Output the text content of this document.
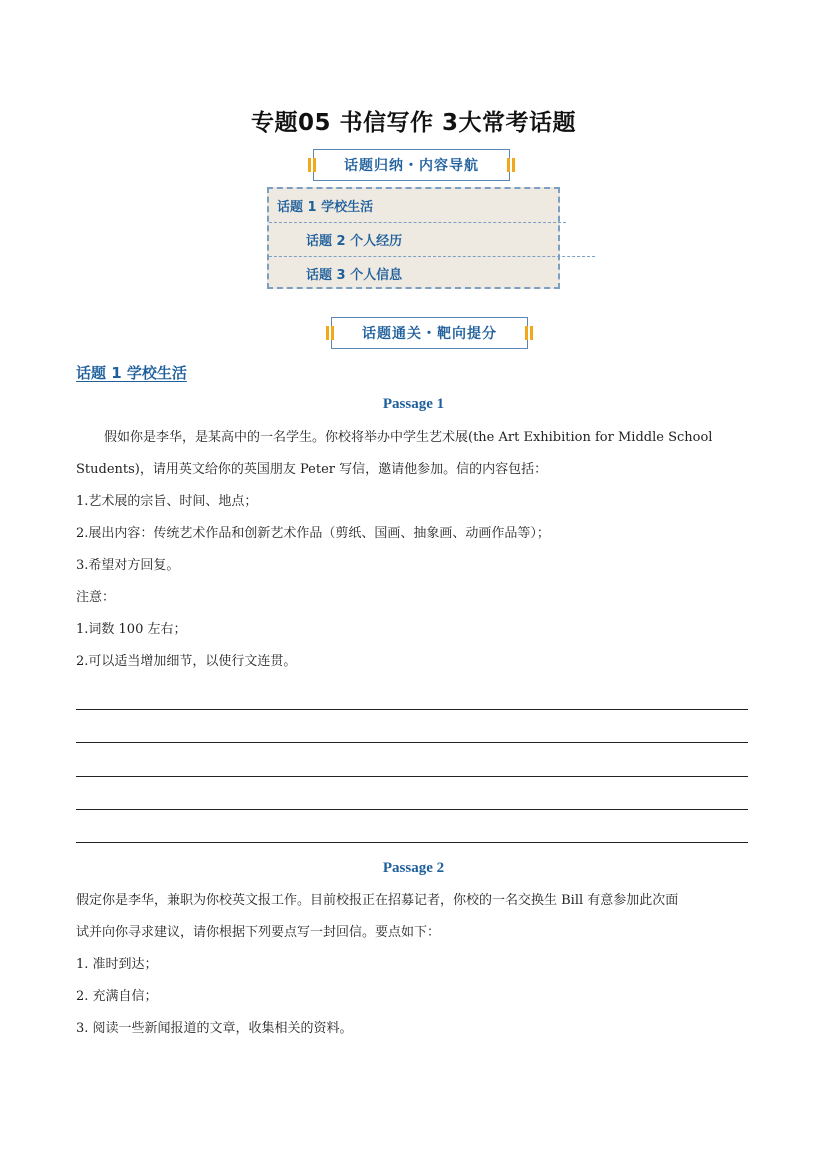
专题05 书信写作 3大常考话题
话题归纳・内容导航
话题 1 学校生活
话题 2 个人经历
话题 3 个人信息
话题通关・靶向提分
话题 1 学校生活
Passage 1
假如你是李华，是某高中的一名学生。你校将举办中学生艺术展(the Art Exhibition for Middle School
Students)，请用英文给你的英国朋友 Peter 写信，邀请他参加。信的内容包括：
1.艺术展的宗旨、时间、地点；
2.展出内容：传统艺术作品和创新艺术作品（剪纸、国画、抽象画、动画作品等）；
3.希望对方回复。
注意：
1.词数 100 左右；
2.可以适当增加细节，以使行文连贯。
Passage 2
假定你是李华，兼职为你校英文报工作。目前校报正在招募记者，你校的一名交换生 Bill 有意参加此次面
试并向你寻求建议，请你根据下列要点写一封回信。要点如下：
1. 准时到达；
2. 充满自信；
3. 阅读一些新闻报道的文章，收集相关的资料。
